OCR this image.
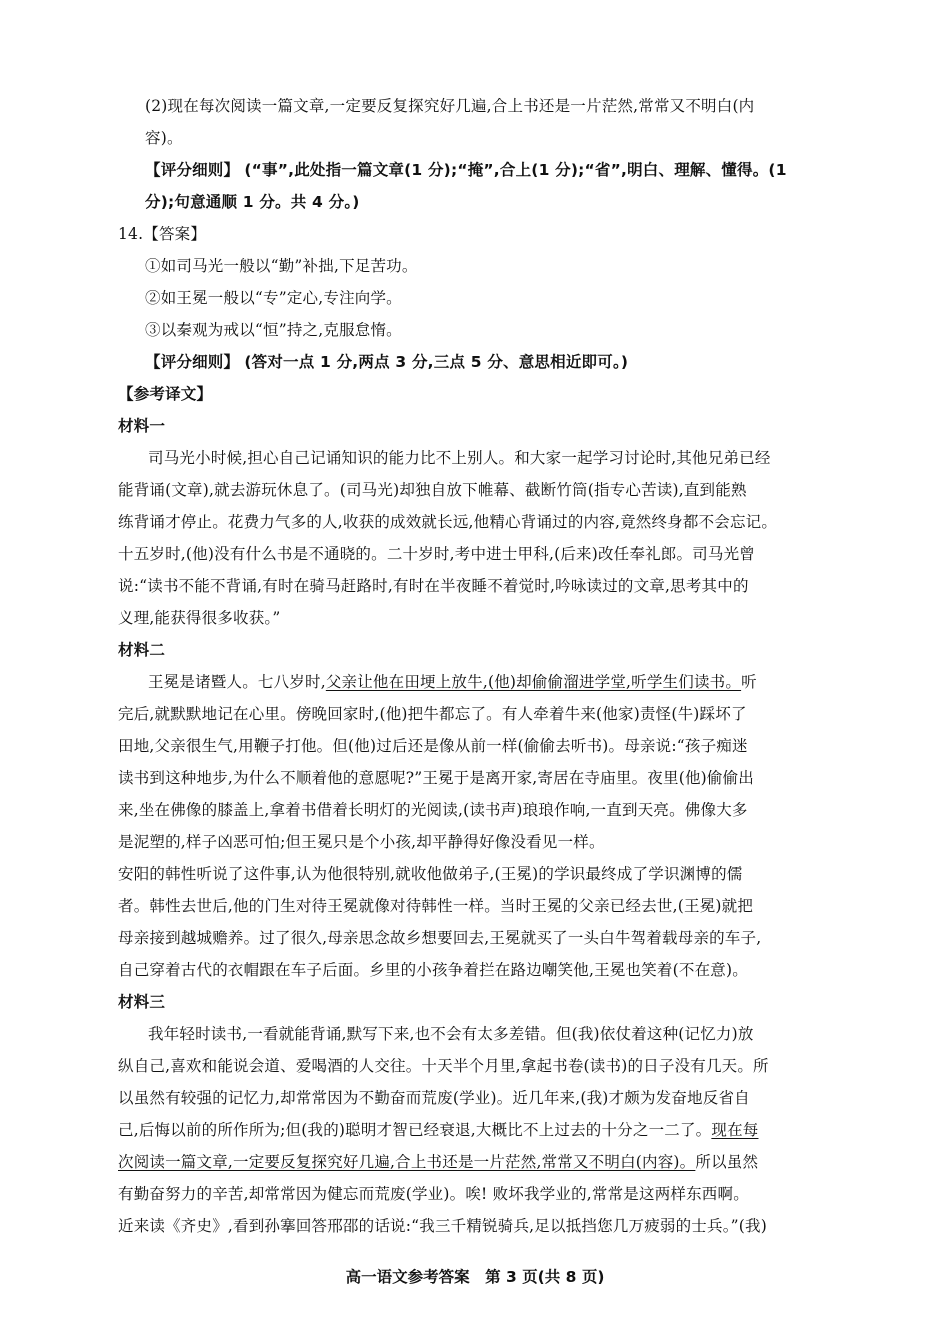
(2)现在每次阅读一篇文章,一定要反复探究好几遍,合上书还是一片茫然,常常又不明白(内
容)。
【评分细则】 (“事”,此处指一篇文章(1 分);“掩”,合上(1 分);“省”,明白、理解、懂得。(1
分);句意通顺 1 分。共 4 分。)
14.【答案】
①如司马光一般以“勤”补拙,下足苦功。
②如王冕一般以“专”定心,专注向学。
③以秦观为戒以“恒”持之,克服怠惰。
【评分细则】 (答对一点 1 分,两点 3 分,三点 5 分、意思相近即可。)
【参考译文】
材料一
司马光小时候,担心自己记诵知识的能力比不上别人。和大家一起学习讨论时,其他兄弟已经
能背诵(文章),就去游玩休息了。(司马光)却独自放下帷幕、截断竹筒(指专心苦读),直到能熟
练背诵才停止。花费力气多的人,收获的成效就长远,他精心背诵过的内容,竟然终身都不会忘记。
十五岁时,(他)没有什么书是不通晓的。二十岁时,考中进士甲科,(后来)改任奉礼郎。司马光曾
说:“读书不能不背诵,有时在骑马赶路时,有时在半夜睡不着觉时,吟咏读过的文章,思考其中的
义理,能获得很多收获。”
材料二
王冕是诸暨人。七八岁时,父亲让他在田埂上放牛,(他)却偷偷溜进学堂,听学生们读书。听
完后,就默默地记在心里。傍晚回家时,(他)把牛都忘了。有人牵着牛来(他家)责怪(牛)踩坏了
田地,父亲很生气,用鞭子打他。但(他)过后还是像从前一样(偷偷去听书)。母亲说:“孩子痴迷
读书到这种地步,为什么不顺着他的意愿呢?”王冕于是离开家,寄居在寺庙里。夜里(他)偷偷出
来,坐在佛像的膝盖上,拿着书借着长明灯的光阅读,(读书声)琅琅作响,一直到天亮。佛像大多
是泥塑的,样子凶恶可怕;但王冕只是个小孩,却平静得好像没看见一样。
安阳的韩性听说了这件事,认为他很特别,就收他做弟子,(王冕)的学识最终成了学识渊博的儒
者。韩性去世后,他的门生对待王冕就像对待韩性一样。当时王冕的父亲已经去世,(王冕)就把
母亲接到越城赡养。过了很久,母亲思念故乡想要回去,王冕就买了一头白牛驾着载母亲的车子,
自己穿着古代的衣帽跟在车子后面。乡里的小孩争着拦在路边嘲笑他,王冕也笑着(不在意)。
材料三
我年轻时读书,一看就能背诵,默写下来,也不会有太多差错。但(我)依仗着这种(记忆力)放
纵自己,喜欢和能说会道、爱喝酒的人交往。十天半个月里,拿起书卷(读书)的日子没有几天。所
以虽然有较强的记忆力,却常常因为不勤奋而荒废(学业)。近几年来,(我)才颇为发奋地反省自
己,后悔以前的所作所为;但(我的)聪明才智已经衰退,大概比不上过去的十分之一二了。现在每
次阅读一篇文章,一定要反复探究好几遍,合上书还是一片茫然,常常又不明白(内容)。所以虽然
有勤奋努力的辛苦,却常常因为健忘而荒废(学业)。唉! 败坏我学业的,常常是这两样东西啊。
近来读《齐史》,看到孙搴回答邢邵的话说:“我三千精锐骑兵,足以抵挡您几万疲弱的士兵。”(我)
高一语文参考答案　第 3 页(共 8 页)
